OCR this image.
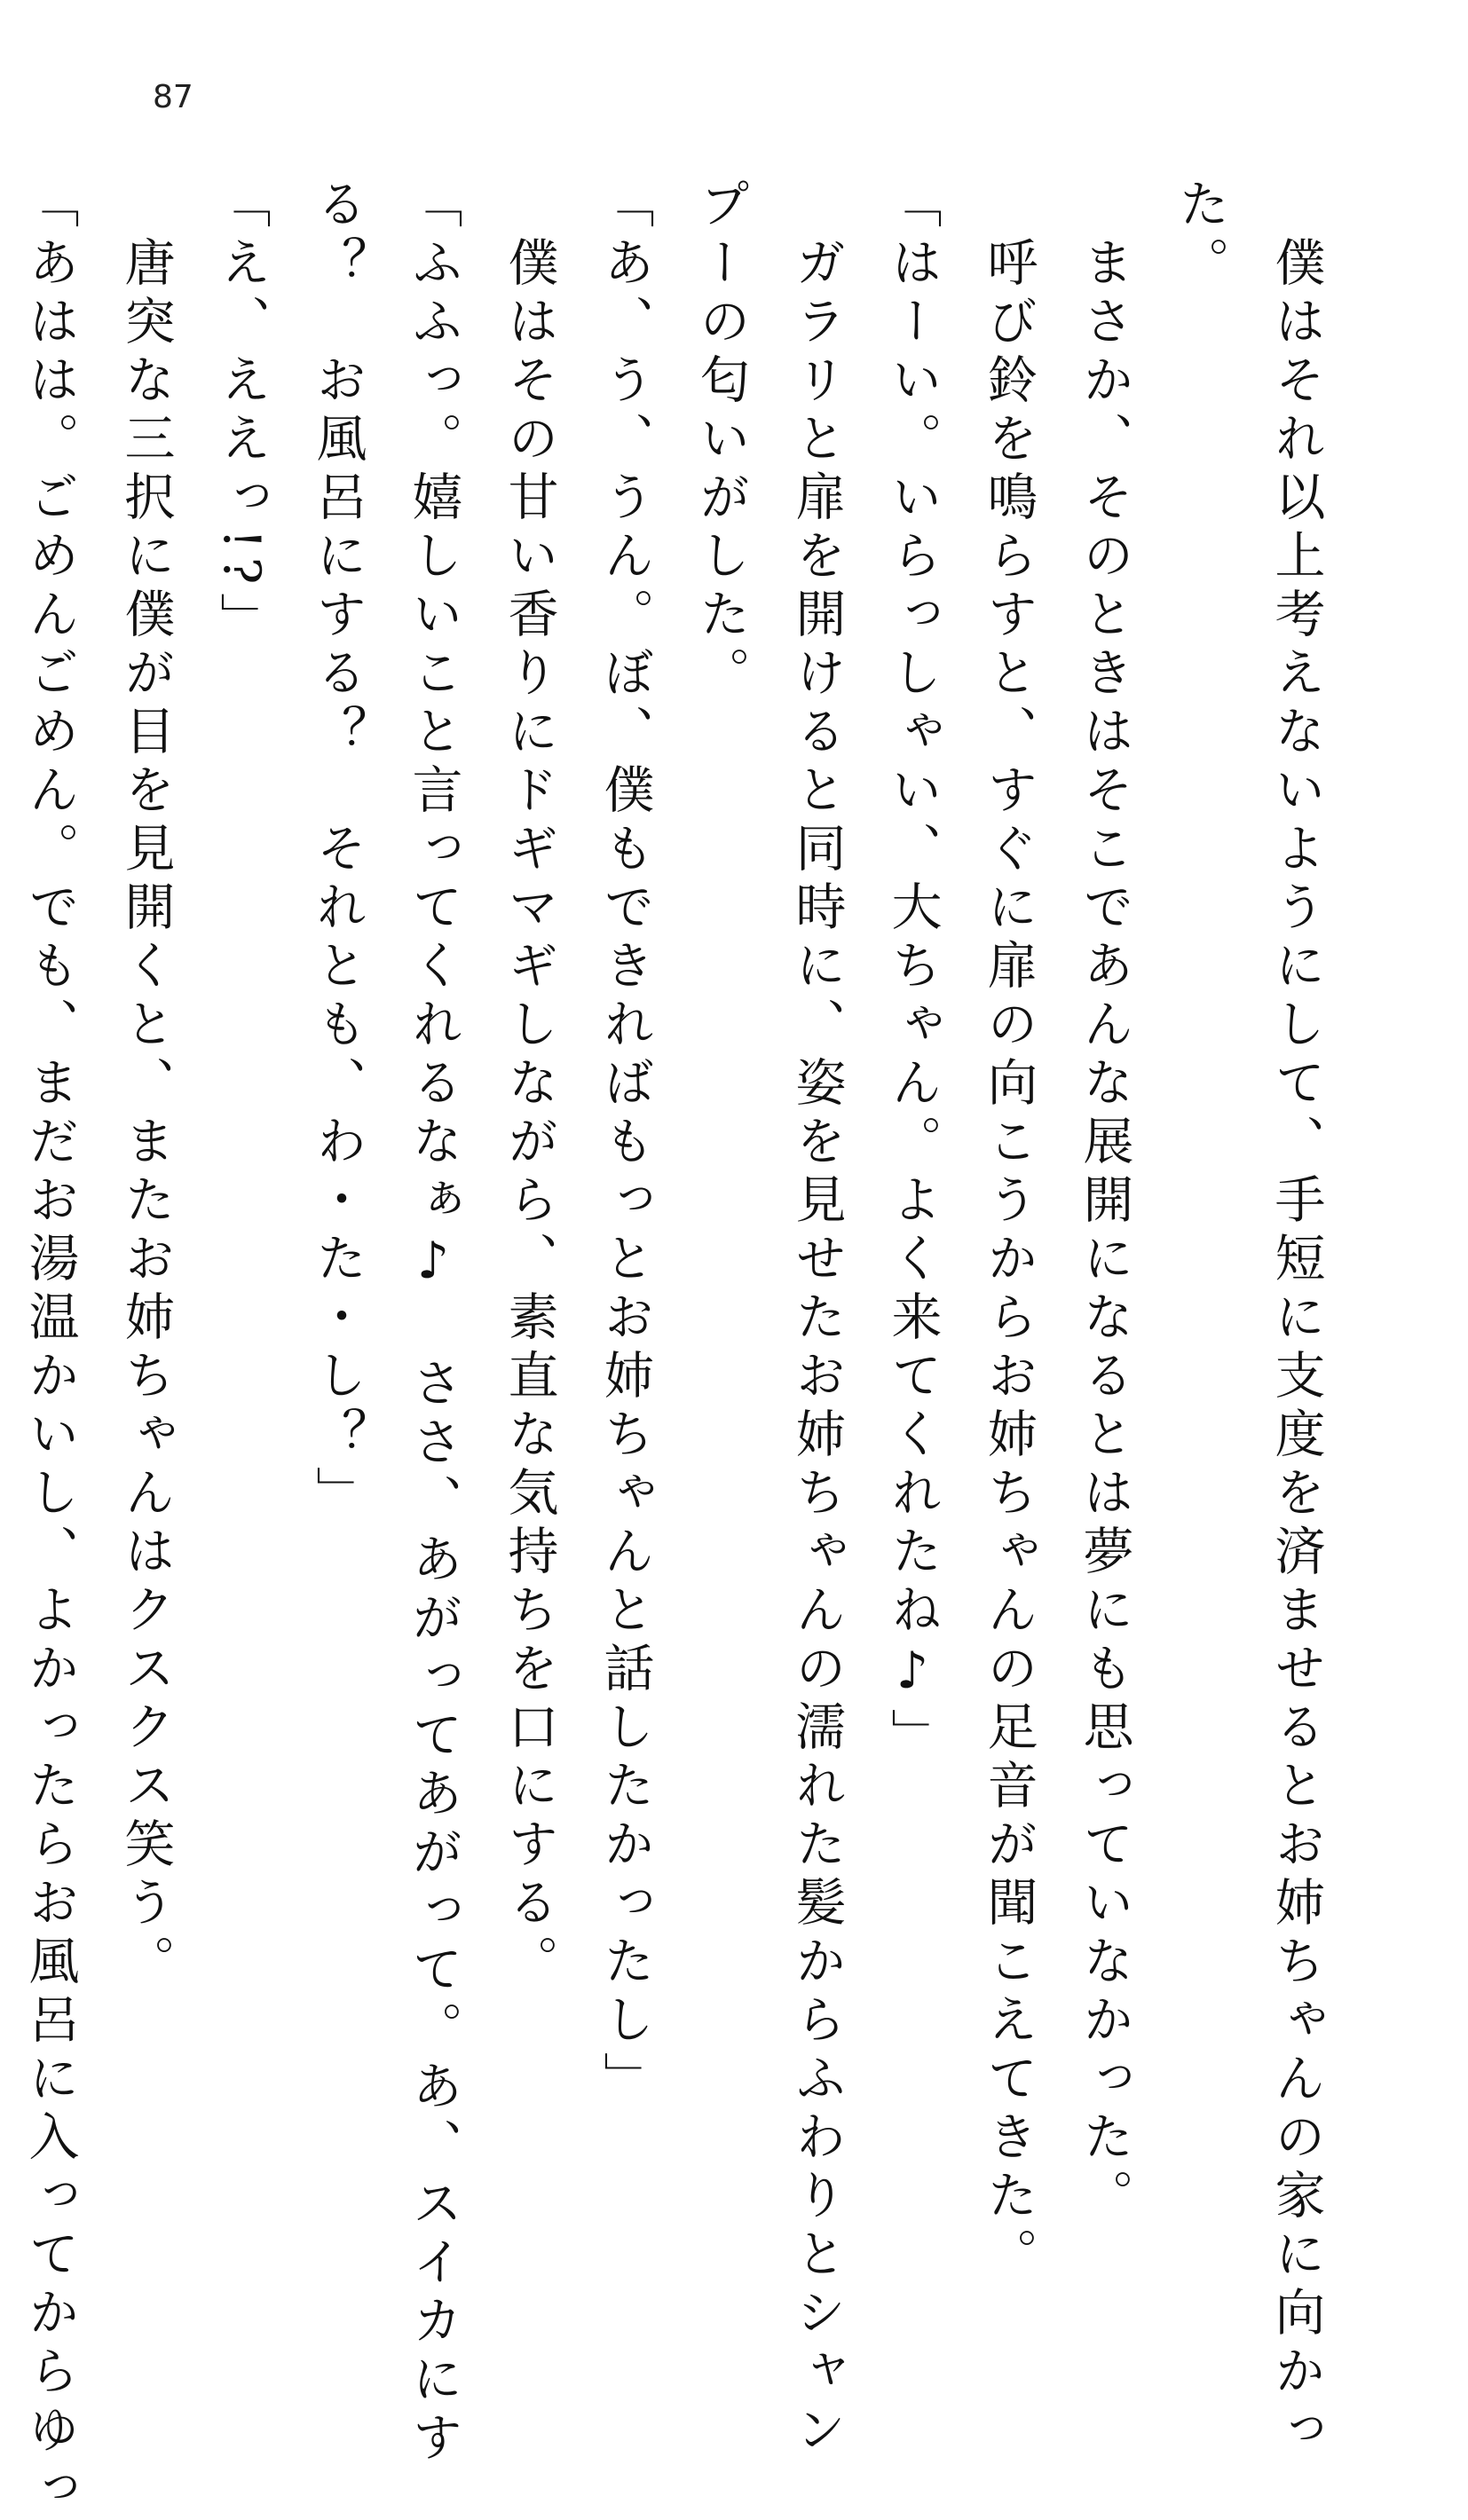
87

　僕はそれ以上考えないようにして、手短に支度を済ませるとお姉ちゃんの家に向かっ

た。

　まさか、そのときはそこであんな展開になるとは夢にも思っていなかった。

　呼び鈴を鳴らすと、すぐに扉の向こうからお姉ちゃんの足音が聞こえてきた。

「はーい。いらっしゃい、大ちゃん。よく来てくれたね♪」

　ガラリと扉を開けると同時に、姿を見せたお姉ちゃんの濡れた髪からふわりとシャン

プーの匂いがした。

「あ、う、うん。ぼ、僕もできればもっとお姉ちゃんと話したかったし」

　僕はその甘い香りにドギマギしながら、素直な気持ちを口にする。

「ふふっ。嬉しいこと言ってくれるなぁ♪　ささ、あがってあがって。あ、スイカにす

る？　お風呂にする？　それとも、わ・た・し？」

「え、ええっ!?」

　唐突な三択に僕が目を見開くと、またお姉ちゃんはクスクス笑う。

「あはは。ごめんごめん。でも、まだお湯温かいし、よかったらお風呂に入ってからゆっ
